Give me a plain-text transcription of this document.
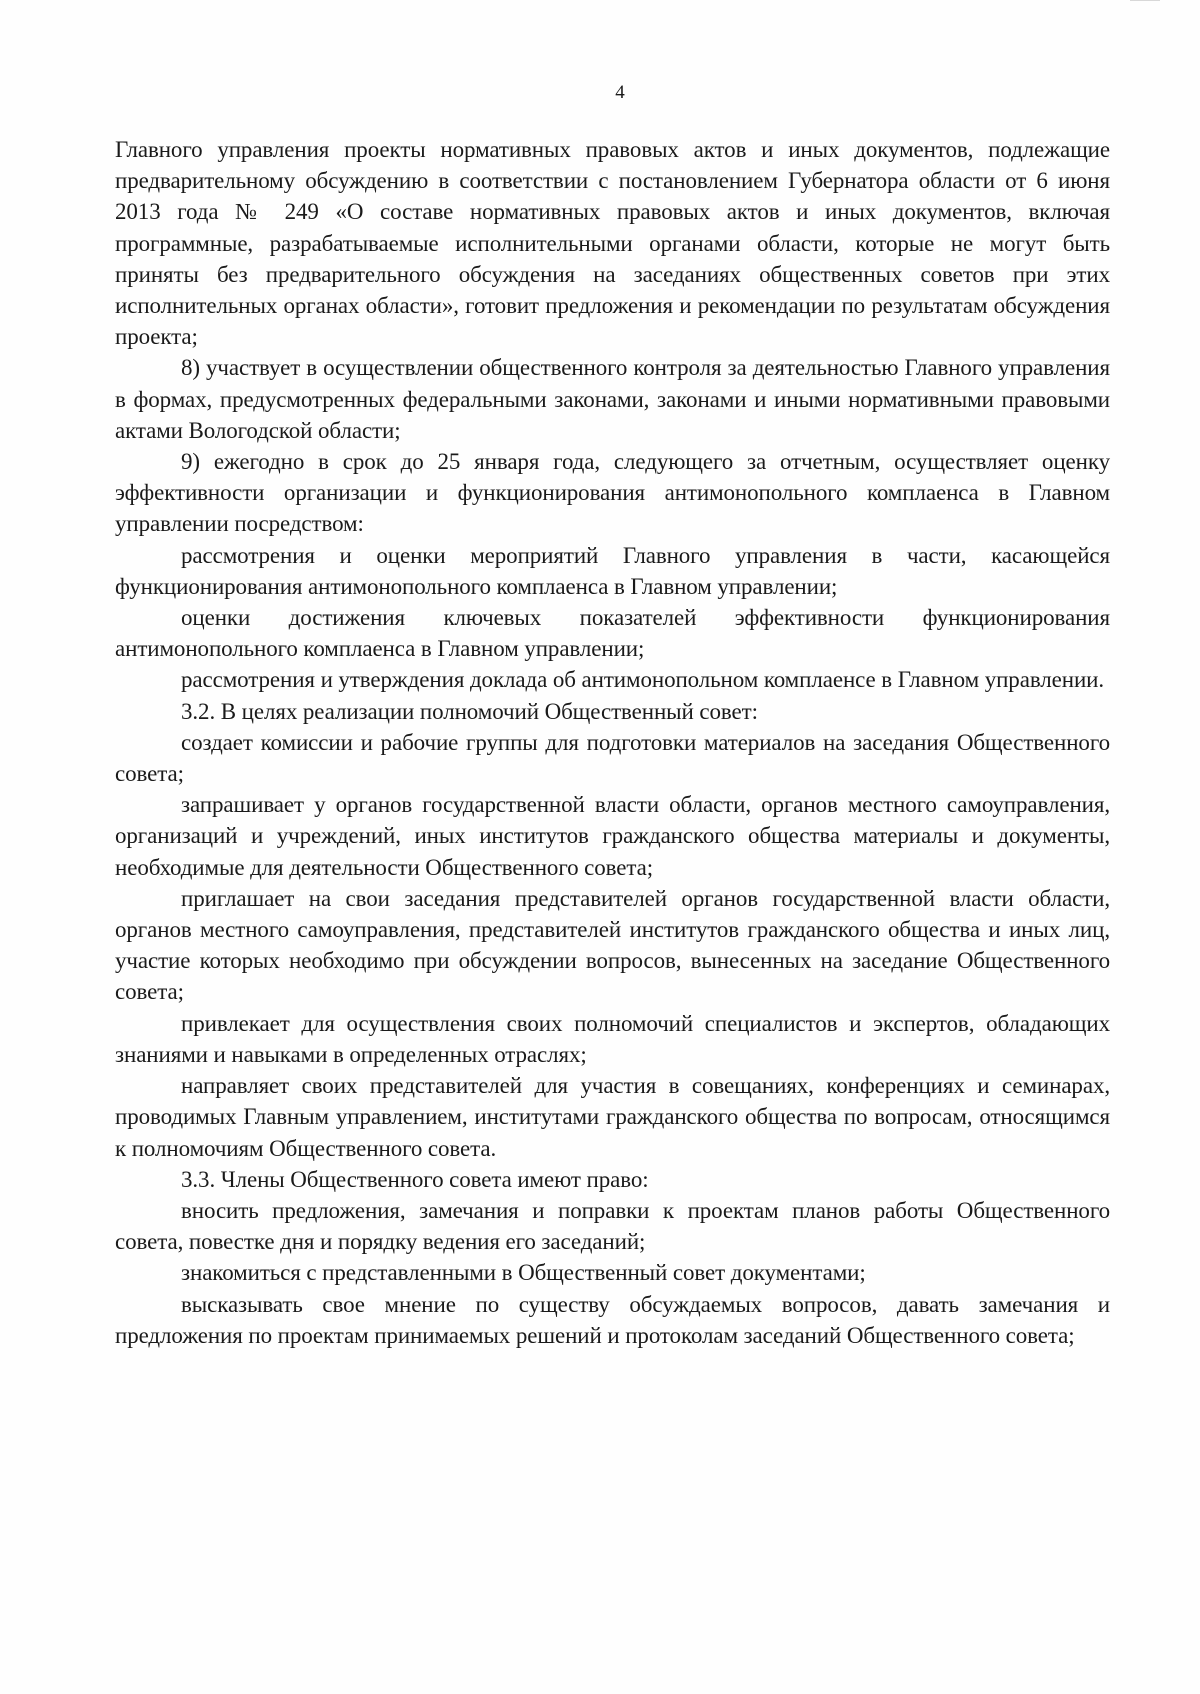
4

Главного управления проекты нормативных правовых актов и иных документов, подлежащие предварительному обсуждению в соответствии с постановлением Губернатора области от 6 июня 2013 года № 249 «О составе нормативных правовых актов и иных документов, включая программные, разрабатываемые исполнительными органами области, которые не могут быть приняты без предварительного обсуждения на заседаниях общественных советов при этих исполнительных органах области», готовит предложения и рекомендации по результатам обсуждения проекта;

8) участвует в осуществлении общественного контроля за деятельностью Главного управления в формах, предусмотренных федеральными законами, законами и иными нормативными правовыми актами Вологодской области;

9) ежегодно в срок до 25 января года, следующего за отчетным, осуществляет оценку эффективности организации и функционирования антимонопольного комплаенса в Главном управлении посредством:

рассмотрения и оценки мероприятий Главного управления в части, касающейся функционирования антимонопольного комплаенса в Главном управлении;

оценки достижения ключевых показателей эффективности функционирования антимонопольного комплаенса в Главном управлении;

рассмотрения и утверждения доклада об антимонопольном комплаенсе в Главном управлении.

3.2. В целях реализации полномочий Общественный совет:

создает комиссии и рабочие группы для подготовки материалов на заседания Общественного совета;

запрашивает у органов государственной власти области, органов местного самоуправления, организаций и учреждений, иных институтов гражданского общества материалы и документы, необходимые для деятельности Общественного совета;

приглашает на свои заседания представителей органов государственной власти области, органов местного самоуправления, представителей институтов гражданского общества и иных лиц, участие которых необходимо при обсуждении вопросов, вынесенных на заседание Общественного совета;

привлекает для осуществления своих полномочий специалистов и экспертов, обладающих знаниями и навыками в определенных отраслях;

направляет своих представителей для участия в совещаниях, конференциях и семинарах, проводимых Главным управлением, институтами гражданского общества по вопросам, относящимся к полномочиям Общественного совета.

3.3. Члены Общественного совета имеют право:

вносить предложения, замечания и поправки к проектам планов работы Общественного совета, повестке дня и порядку ведения его заседаний;

знакомиться с представленными в Общественный совет документами;

высказывать свое мнение по существу обсуждаемых вопросов, давать замечания и предложения по проектам принимаемых решений и протоколам заседаний Общественного совета;
